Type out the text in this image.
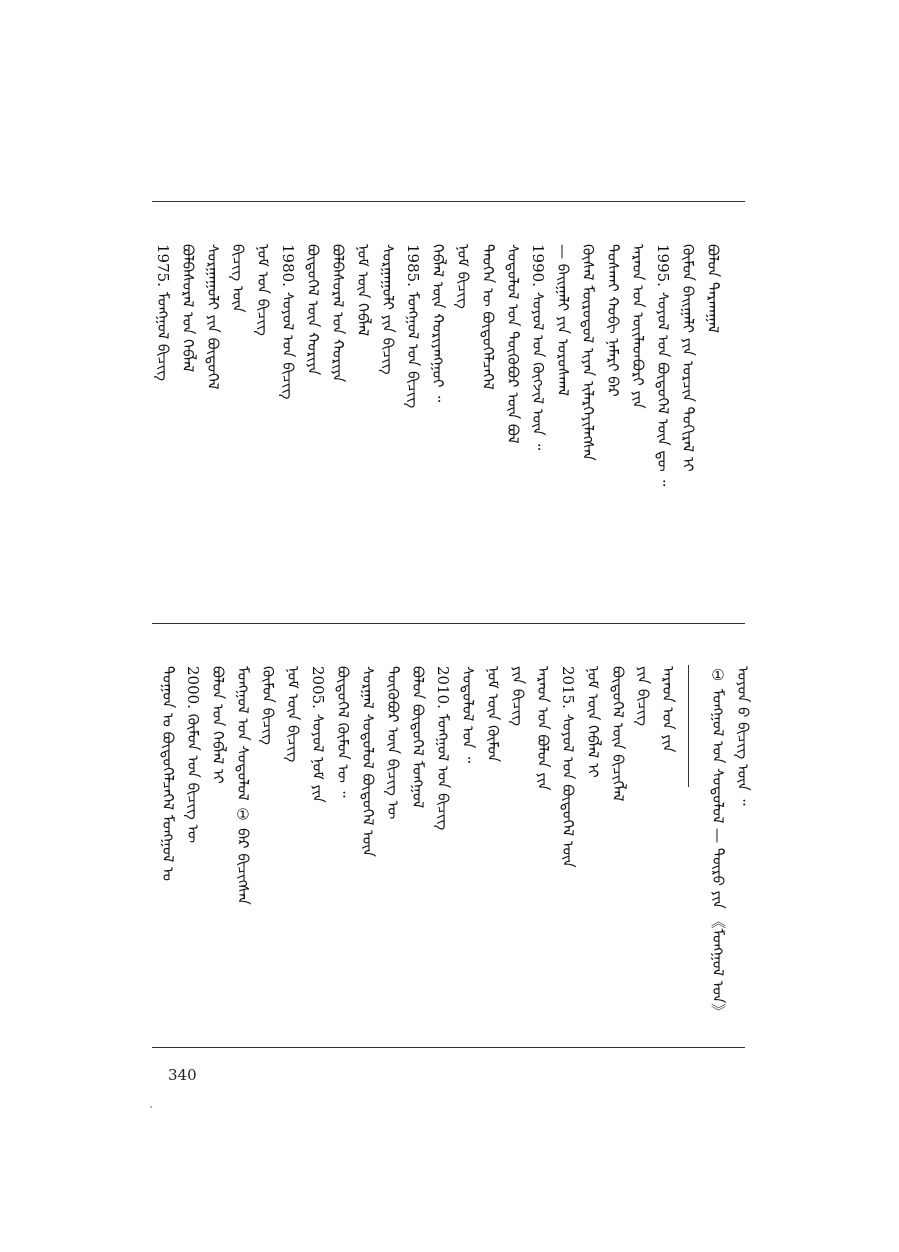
ᠪᠣᠯᠤᠨ ᠲᠠᠷᠬᠠᠭᠠᠯ
ᠬᠦᠮᠦᠨ ᠪᠠᠢᠭᠠᠯᠢ ᠶᠢᠨ ᠣᠷᠴᠢᠨ ᠲᠣᠬᠢᠷᠠᠯ ᠢ
1995. ᠰᠣᠶᠣᠯ ᠤᠨ ᠪᠦᠲᠦᠭᠡᠯ ᠦᠨ ᠳᠦ ᠃
ᠠᠷᠠᠳ ᠤᠨ ᠦᠢᠯᠡᠳᠪᠦᠷᠢ ᠶᠢᠨ
ᠲᠤᠰᠬᠠᠢ ᠬᠤᠪᠢ ᠨᠡᠮᠡᠷᠢ ᠪᠠᠷ
ᠬᠦᠰᠡᠯ ᠮᠦᠷᠦᠳᠦᠯ ᠢᠶᠡᠨ ᠢᠯᠡᠷᠬᠡᠶᠢᠯᠡᠭᠰᠡᠨ
— ᠪᠠᠢᠭᠠᠯᠢ ᠶᠢᠨ ᠤᠷᠤᠰᠬᠠᠯ
1990. ᠰᠣᠶᠣᠯ ᠤᠨ ᠬᠥᠭᠵᠢᠯ ᠦᠨ ᠃
ᠰᠤᠳᠤᠯᠤᠯ ᠤᠨ ᠲᠦᠭᠦᠪᠦᠷ ᠦᠨ ᠪᠣᠯ
ᠲᠡᠦᠬᠡᠨ ᠦ ᠪᠦᠲᠦᠭᠡᠯᠴᠡᠭᠡᠯ
ᠨᠣᠮ ᠪᠢᠴᠢᠭ
ᠬᠡᠪᠯᠡᠯ ᠦᠨ ᠬᠤᠷᠢᠶᠠᠩᠭᠤᠢ ᠃
1985. ᠮᠣᠩᠭᠣᠯ ᠤᠨ ᠪᠢᠴᠢᠭ
ᠰᠤᠷᠭᠠᠭᠤᠯᠢ ᠶᠢᠨ ᠪᠢᠴᠢᠭ
ᠨᠣᠮ ᠦᠨ ᠬᠡᠪᠯᠡᠯ
ᠪᠣᠯᠪᠠᠰᠤᠷᠠᠯ ᠤᠨ ᠬᠣᠷᠢᠶᠠ
ᠪᠦᠲᠦᠭᠡᠯ ᠦᠨ ᠬᠤᠷᠢᠶᠠ
1980. ᠰᠣᠶᠣᠯ ᠤᠨ ᠪᠢᠴᠢᠭ
ᠨᠣᠮ ᠤᠨ ᠪᠢᠴᠢᠭ
ᠪᠢᠴᠢᠭ ᠦᠨ
ᠰᠤᠷᠭᠠᠭᠤᠯᠢ ᠶᠢᠨ ᠪᠦᠲᠦᠭᠡᠯ
ᠪᠣᠯᠪᠠᠰᠤᠷᠠᠯ ᠤᠨ ᠬᠡᠪᠯᠡᠯ
1975. ᠮᠣᠩᠭᠣᠯ ᠪᠢᠴᠢᠭ
ᠣᠶᠤᠨ ᠤ᠋ ᠪᠢᠴᠢᠭ ᠦᠨ ᠃
① ᠮᠣᠩᠭᠣᠯ ᠤᠨ ᠰᠤᠳᠤᠯᠤᠯ — ᠲᠦᠷᠦ ᠶᠢᠨ 《ᠮᠣᠩᠭᠣᠯ ᠤᠨ》
ᠠᠷᠠᠳ ᠤᠨ ᠶᠢᠨ
ᠶᠢᠨ ᠪᠢᠴᠢᠭ
ᠪᠦᠲᠦᠭᠡᠯ ᠦᠨ ᠪᠢᠴᠢᠭᠯᠡᠯ
ᠨᠣᠮ ᠦᠨ ᠬᠡᠪᠯᠡᠯ ᠢ
2015. ᠰᠣᠶᠣᠯ ᠤᠨ ᠪᠦᠲᠦᠭᠡᠯ ᠦᠨ
ᠠᠷᠠᠳ ᠤᠨ ᠪᠣᠯᠤᠨ ᠶᠢᠨ
ᠶᠢᠨ ᠪᠢᠴᠢᠭ
ᠨᠣᠮ ᠦᠨ ᠬᠦᠮᠦᠨ
ᠰᠤᠳᠤᠯᠤᠯ ᠤᠨ ᠃
2010. ᠮᠣᠩᠭᠣᠯ ᠤᠨ ᠪᠢᠴᠢᠭ
ᠪᠣᠯᠤᠨ ᠪᠦᠲᠦᠭᠡᠯ ᠮᠣᠩᠭᠣᠯ
ᠲᠦᠭᠦᠪᠦᠷ ᠦᠨ ᠪᠢᠴᠢᠭ ᠦ
ᠰᠤᠷᠭᠠᠯ ᠰᠤᠳᠤᠯᠤᠯ ᠪᠦᠲᠦᠭᠡᠯ ᠦᠨ
ᠪᠦᠲᠦᠭᠡᠯ ᠬᠦᠮᠦᠨ ᠦ ᠃
2005. ᠰᠣᠶᠣᠯ ᠨᠣᠮ ᠶᠢᠨ
ᠨᠣᠮ ᠦᠨ ᠪᠢᠴᠢᠭ
ᠬᠦᠮᠦᠨ ᠪᠢᠴᠢᠭ
ᠮᠣᠩᠭᠣᠯ ᠤᠨ ᠰᠤᠳᠤᠯᠤᠯ ① ᠪᠠᠷ ᠪᠢᠴᠢᠭᠰᠡᠨ
ᠪᠣᠯᠤᠨ ᠤᠨ ᠬᠡᠪᠯᠡᠯ ᠢ
2000. ᠬᠦᠮᠦᠨ ᠤᠨ ᠪᠢᠴᠢᠭ ᠦ
ᠲᠣᠭᠣᠨ ᠤ ᠪᠦᠲᠦᠭᠡᠯᠴᠡᠭᠡᠯ ᠮᠣᠩᠭᠣᠯ ᠤ
340
